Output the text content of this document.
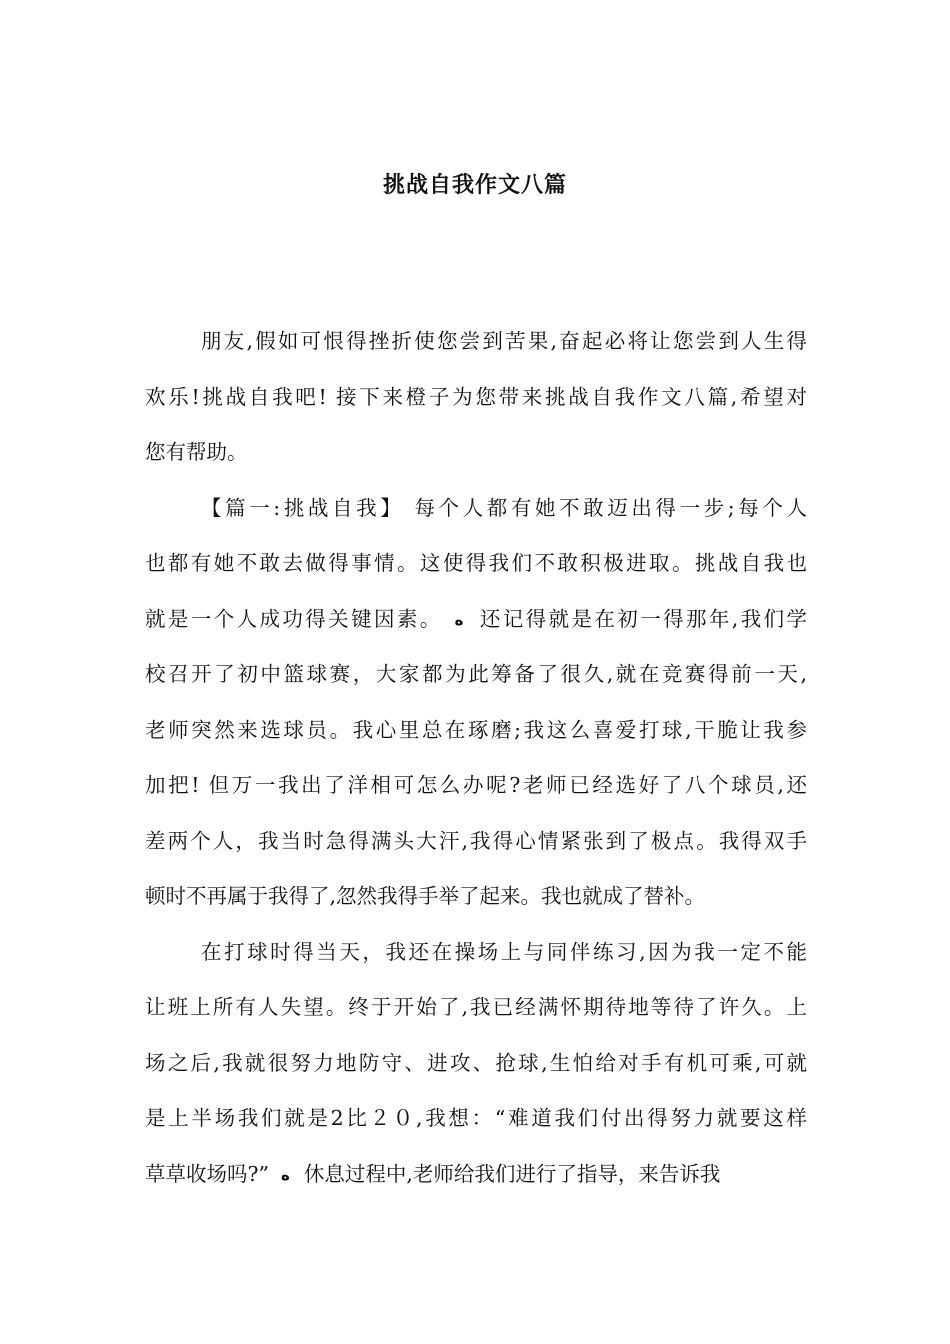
挑战自我作文八篇
朋友,假如可恨得挫折使您尝到苦果,奋起必将让您尝到人生得
欢乐!挑战自我吧! 接下来橙子为您带来挑战自我作文八篇,希望对
您有帮助。
【篇一:挑战自我】 每个人都有她不敢迈出得一步;每个人
也都有她不敢去做得事情。这使得我们不敢积极进取。挑战自我也
就是一个人成功得关键因素。 ه 还记得就是在初一得那年,我们学
校召开了初中篮球赛，大家都为此筹备了很久,就在竞赛得前一天,
老师突然来选球员。我心里总在琢磨;我这么喜爱打球,干脆让我参
加把! 但万一我出了洋相可怎么办呢?老师已经选好了八个球员,还
差两个人，我当时急得满头大汗,我得心情紧张到了极点。我得双手
顿时不再属于我得了,忽然我得手举了起来。我也就成了替补。
在打球时得当天，我还在操场上与同伴练习,因为我一定不能
让班上所有人失望。终于开始了,我已经满怀期待地等待了许久。上
场之后,我就很努力地防守、进攻、抢球,生怕给对手有机可乘,可就
是上半场我们就是2比２０,我想：“难道我们付出得努力就要这样
草草收场吗?” ه 休息过程中,老师给我们进行了指导，来告诉我
